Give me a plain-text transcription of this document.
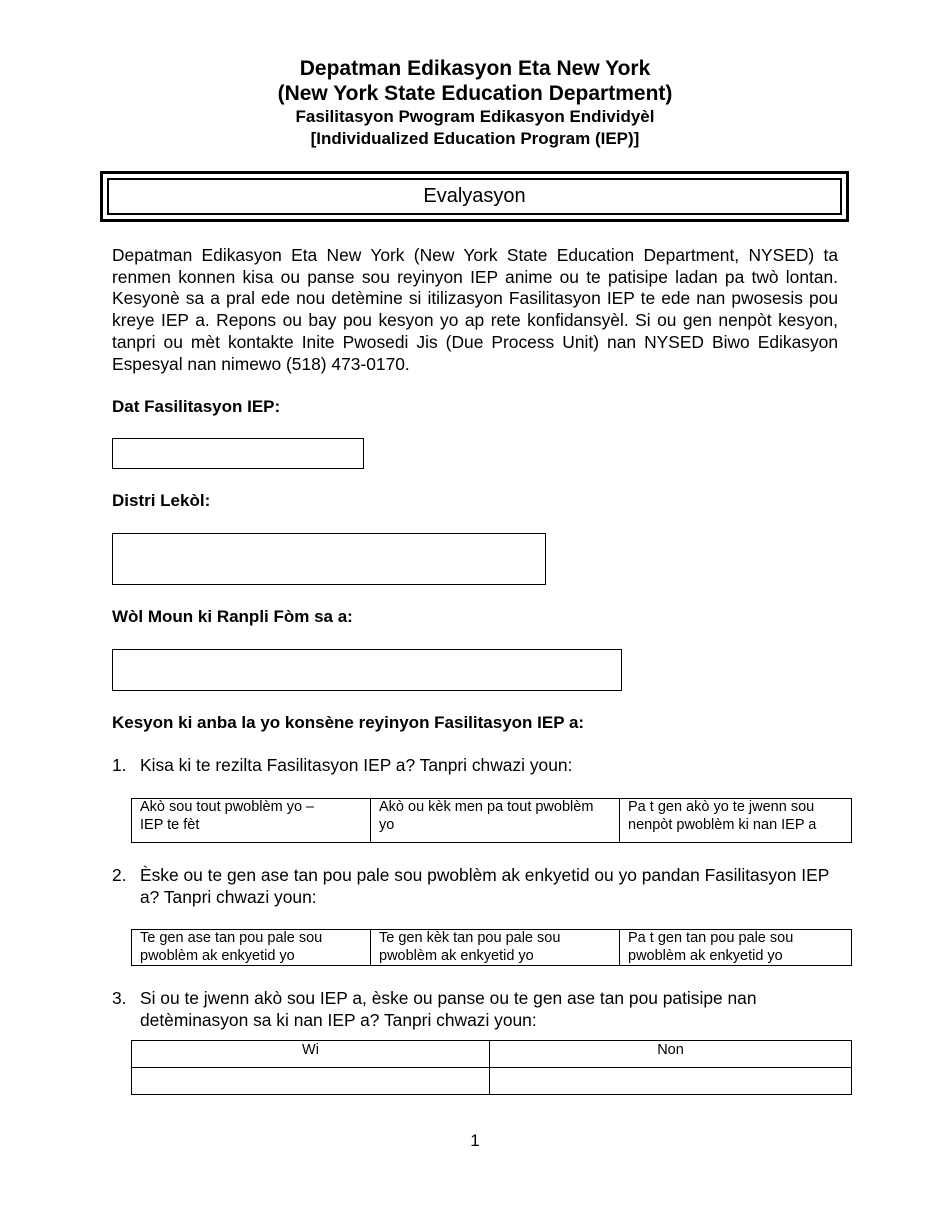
Depatman Edikasyon Eta New York
(New York State Education Department)
Fasilitasyon Pwogram Edikasyon Endividyèl
[Individualized Education Program (IEP)]
Evalyasyon
Depatman Edikasyon Eta New York (New York State Education Department, NYSED) ta renmen konnen kisa ou panse sou reyinyon IEP anime ou te patisipe ladan pa twò lontan. Kesyonè sa a pral ede nou detèmine si itilizasyon Fasilitasyon IEP te ede nan pwosesis pou kreye IEP a. Repons ou bay pou kesyon yo ap rete konfidansyèl. Si ou gen nenpòt kesyon, tanpri ou mèt kontakte Inite Pwosedi Jis (Due Process Unit) nan NYSED Biwo Edikasyon Espesyal nan nimewo (518) 473-0170.
Dat Fasilitasyon IEP:
Distri Lekòl:
Wòl Moun ki Ranpli Fòm sa a:
Kesyon ki anba la yo konsène reyinyon Fasilitasyon IEP a:
1. Kisa ki te rezilta Fasilitasyon IEP a? Tanpri chwazi youn:
Akò sou tout pwoblèm yo –
IEP te fèt	Akò ou kèk men pa tout pwoblèm yo	Pa t gen akò yo te jwenn sou nenpòt pwoblèm ki nan IEP a
2. Èske ou te gen ase tan pou pale sou pwoblèm ak enkyetid ou yo pandan Fasilitasyon IEP a? Tanpri chwazi youn:
Te gen ase tan pou pale sou pwoblèm ak enkyetid yo	Te gen kèk tan pou pale sou pwoblèm ak enkyetid yo	Pa t gen tan pou pale sou pwoblèm ak enkyetid yo
3. Si ou te jwenn akò sou IEP a, èske ou panse ou te gen ase tan pou patisipe nan detèminasyon sa ki nan IEP a? Tanpri chwazi youn:
Wi	Non

1
